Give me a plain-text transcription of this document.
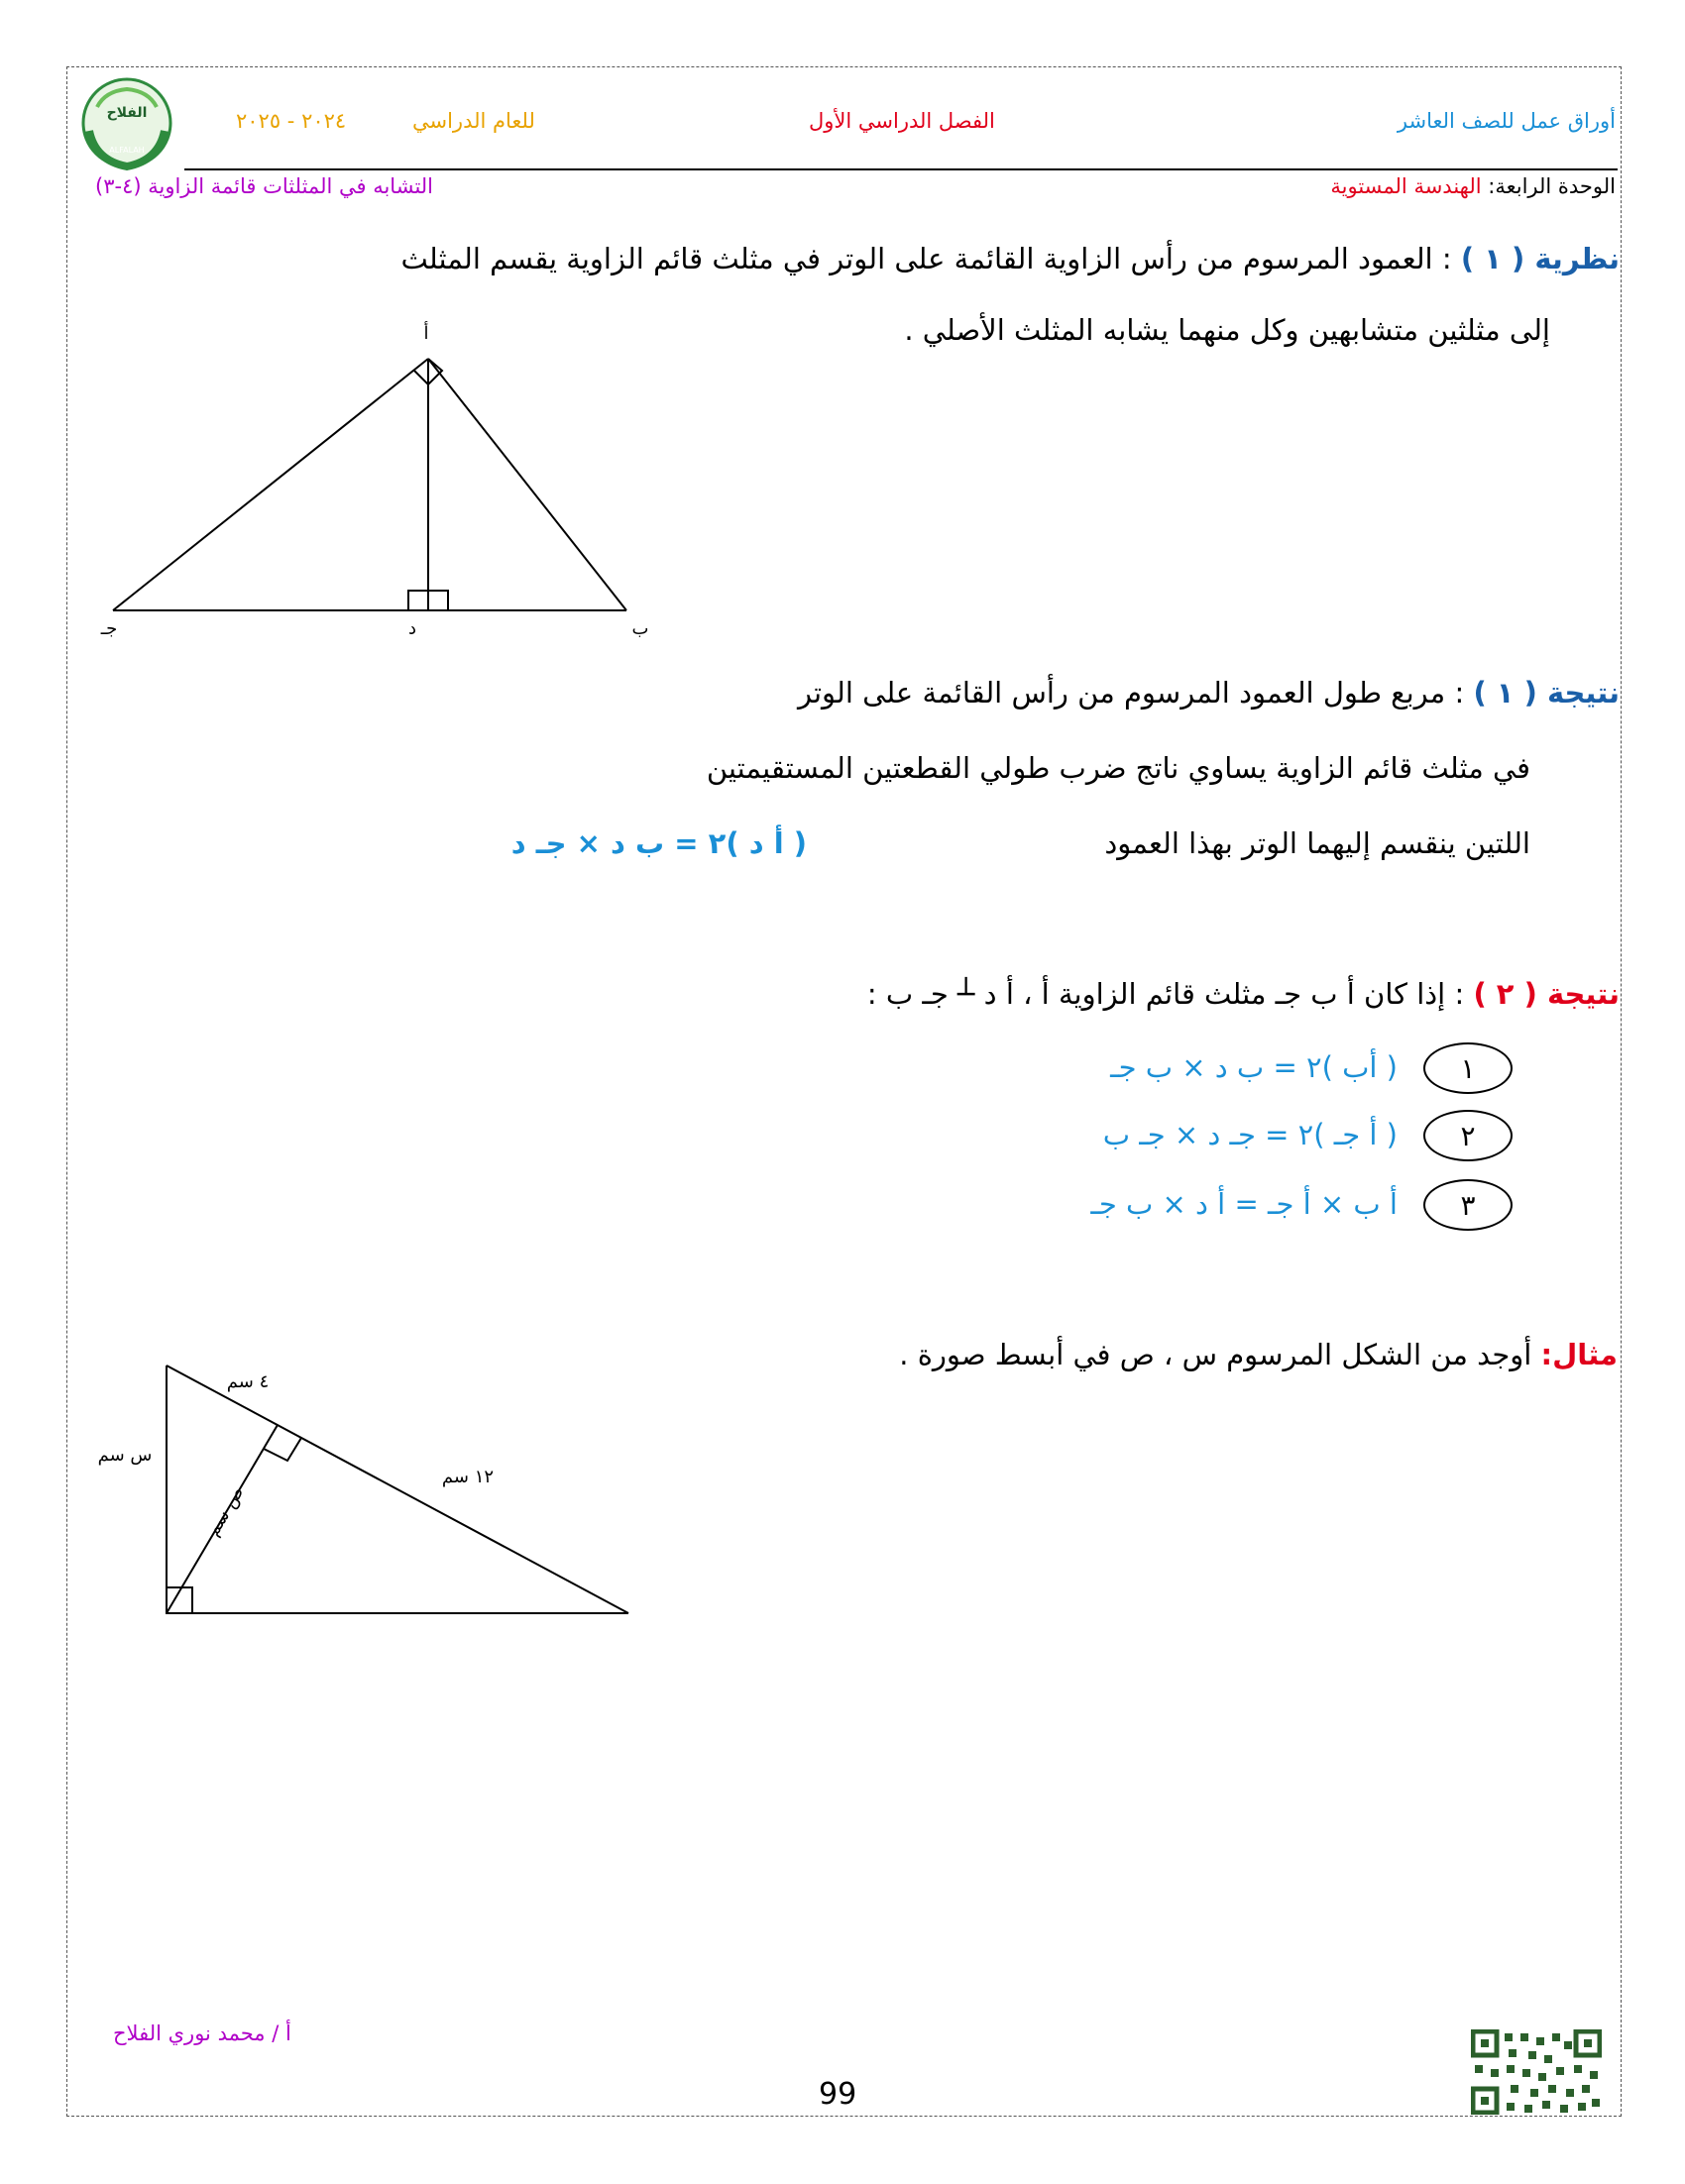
الفلاح
ALFALAH
أوراق عمل للصف العاشر
الفصل الدراسي الأول
للعام الدراسي
٢٠٢٤ - ٢٠٢٥
الوحدة الرابعة: الهندسة المستوية
التشابه في المثلثات قائمة الزاوية (٤-٣)
نظرية ( ١ ) : العمود المرسوم من رأس الزاوية القائمة على الوتر في مثلث قائم الزاوية يقسم المثلث
إلى مثلثين متشابهين وكل منهما يشابه المثلث الأصلي .
أ
ب
د
جـ
نتيجة ( ١ ) : مربع طول العمود المرسوم من رأس القائمة على الوتر
في مثلث قائم الزاوية يساوي ناتج ضرب طولي القطعتين المستقيمتين
اللتين ينقسم إليهما الوتر بهذا العمود
( أ د )٢ = ب د × جـ د
نتيجة ( ٢ ) : إذا كان أ ب جـ مثلث قائم الزاوية أ ، أ د ┴ جـ ب :
١
( أب )٢ = ب د × ب جـ
٢
( أ جـ )٢ = جـ د × جـ ب
٣
أ ب × أ جـ = أ د × ب جـ
مثال: أوجد من الشكل المرسوم س ، ص في أبسط صورة .
٤ سم
س سم
١٢ سم
ص سم
أ / محمد نوري الفلاح
99
